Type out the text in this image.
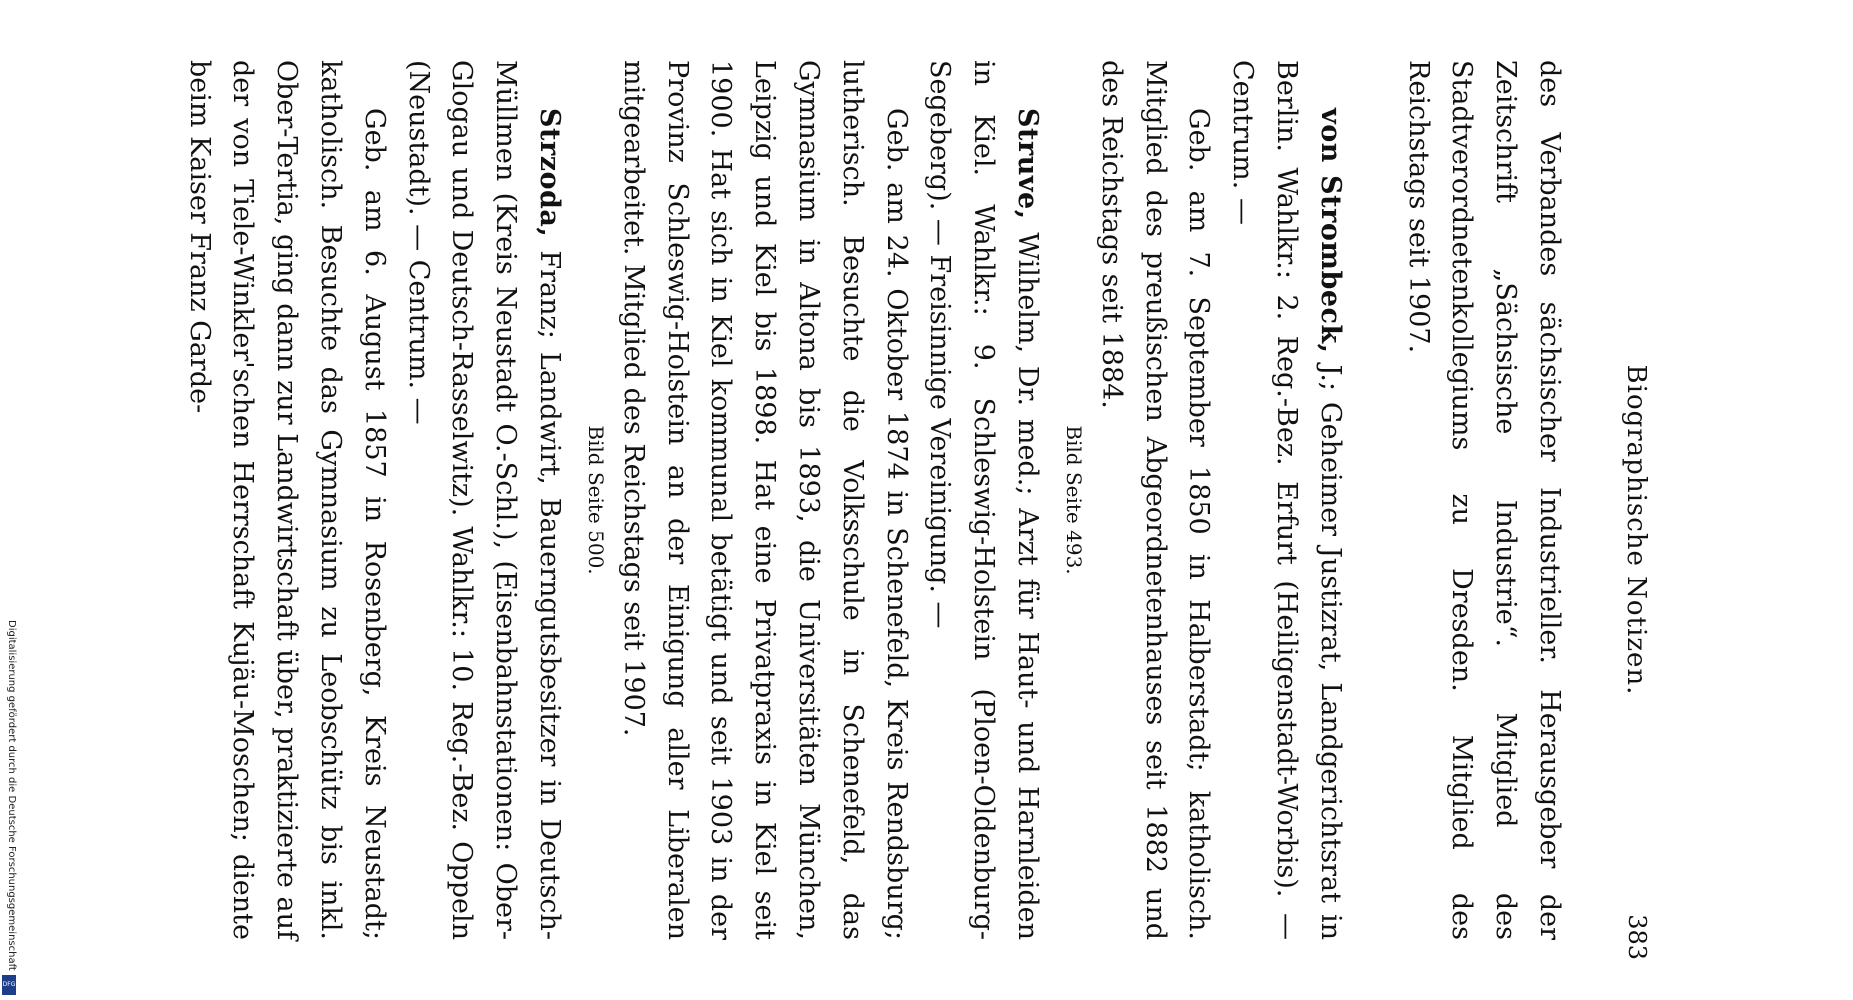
Biographische Notizen.
383

des Verbandes sächsischer Industrieller. Herausgeber der Zeitschrift „Sächsische Industrie“. Mitglied des Stadtverordnetenkollegiums zu Dresden. Mitglied des Reichstags seit 1907.

von Strombeck, J.; Geheimer Justizrat, Landgerichtsrat in Berlin. Wahlkr.: 2. Reg.-Bez. Erfurt (Heiligenstadt-Worbis). — Centrum. —

Geb. am 7. September 1850 in Halberstadt; katholisch. Mitglied des preußischen Abgeordnetenhauses seit 1882 und des Reichstags seit 1884.

Bild Seite 493.

Struve, Wilhelm, Dr. med.; Arzt für Haut- und Harnleiden in Kiel. Wahlkr.: 9. Schleswig-Holstein (Ploen-Oldenburg-Segeberg). — Freisinnige Vereinigung. —

Geb. am 24. Oktober 1874 in Schenefeld, Kreis Rendsburg; lutherisch. Besuchte die Volksschule in Schenefeld, das Gymnasium in Altona bis 1893, die Universitäten München, Leipzig und Kiel bis 1898. Hat eine Privatpraxis in Kiel seit 1900. Hat sich in Kiel kommunal betätigt und seit 1903 in der Provinz Schleswig-Holstein an der Einigung aller Liberalen mitgearbeitet. Mitglied des Reichstags seit 1907.

Bild Seite 500.

Strzoda, Franz; Landwirt, Bauerngutsbesitzer in Deutsch-Müllmen (Kreis Neustadt O.-Schl.), (Eisenbahnstationen: Ober-Glogau und Deutsch-Rasselwitz). Wahlkr.: 10. Reg.-Bez. Oppeln (Neustadt). — Centrum. —

Geb. am 6. August 1857 in Rosenberg, Kreis Neustadt; katholisch. Besuchte das Gymnasium zu Leobschütz bis inkl. Ober-Tertia, ging dann zur Landwirtschaft über, praktizierte auf der von Tiele-Winkler'schen Herrschaft Kujäu-Moschen; diente beim Kaiser Franz Garde-

Digitalisierung gefördert durch die Deutsche Forschungsgemeinschaft
DFG
